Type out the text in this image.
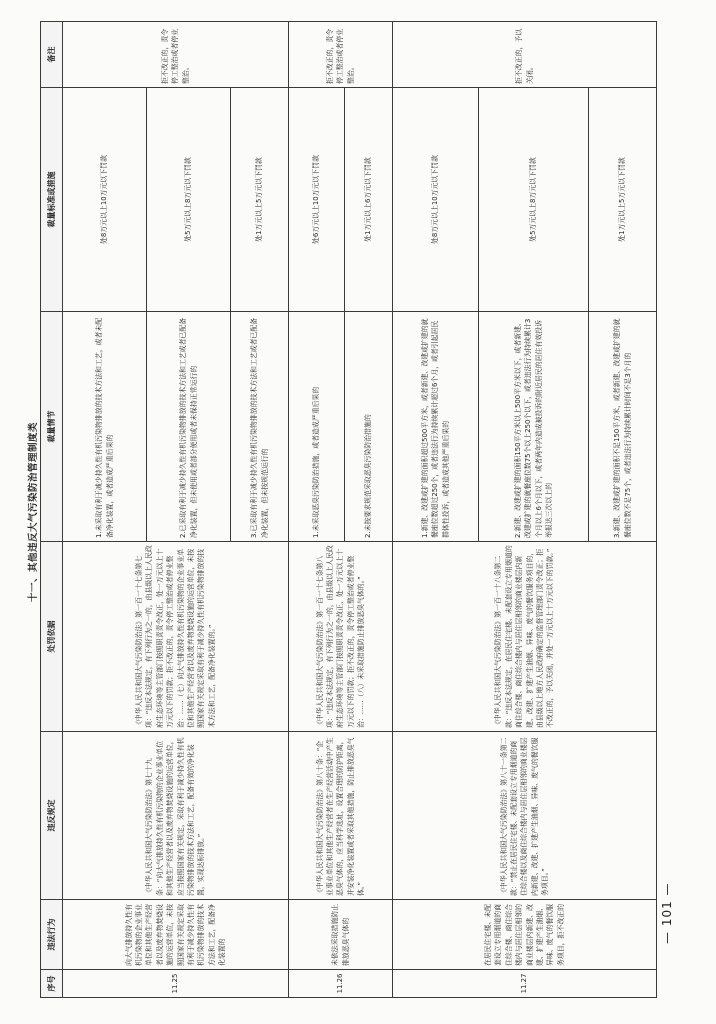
十一、其他违反大气污染防治管理制度类
序号	违法行为	违反规定	处罚依据	裁量情节	裁量标准或措施	备注
11.25	向大气排放持久性有机污染物的企业事业单位和其他生产经营者以及废弃物焚烧设施的运营单位，未按照国家有关规定采取有利于减少持久性有机污染物排放的技术方法和工艺，配备净化装置的	《中华人民共和国大气污染防治法》第七十九条：“向大气排放持久性有机污染物的企业事业单位和其他生产经营者以及废弃物焚烧设施的运营单位，应当按照国家有关规定，采取有利于减少持久性有机污染物排放的技术方法和工艺，配备有效的净化装置，实现达标排放。”	《中华人民共和国大气污染防治法》第一百一十七条第七项：“违反本法规定，有下列行为之一的，由县级以上人民政府生态环境等主管部门按照职责责令改正，处一万元以上十万元以下的罚款；拒不改正的，责令停工整治或者停业整治：……（七）向大气排放持久性有机污染物的企业事业单位和其他生产经营者以及废弃物焚烧设施的运营单位，未按照国家有关规定采取有利于减少持久性有机污染物排放的技术方法和工艺，配备净化装置的。”	1.未采取有利于减少持久性有机污染物排放的技术方法和工艺，或者未配备净化装置，或者造成严重后果的	处8万元以上10万元以下罚款	拒不改正的，责令停工整治或者停业整治。
				2.已采取有利于减少持久性有机污染物排放的技术方法和工艺或者已配备净化装置，但未使用或者部分使用或者未保持正常运行的	处5万元以上8万元以下罚款	
				3.已采取有利于减少持久性有机污染物排放的技术方法和工艺或者已配备净化装置，但未按规范运行的	处1万元以上5万元以下罚款	
11.26	未依法采取措施防止排放恶臭气体的	《中华人民共和国大气污染防治法》第八十条：“企业事业单位和其他生产经营者在生产经营活动中产生恶臭气体的，应当科学选址，设置合理的防护距离，并安装净化装置或者采取其他措施，防止排放恶臭气体。”	《中华人民共和国大气污染防治法》第一百一十七条第八项：“违反本法规定，有下列行为之一的，由县级以上人民政府生态环境等主管部门按照职责责令改正，处一万元以上十万元以下的罚款；拒不改正的，责令停工整治或者停业整治：……（八）未采取措施防止排放恶臭气体的。”	1.未采取恶臭污染防治措施，或者造成严重后果的	处6万元以上10万元以下罚款	拒不改正的，责令停工整治或者停业整治。
				2.未按要求规范采取恶臭污染防治措施的	处1万元以上6万元以下罚款	
11.27	在居民住宅楼、未配套设立专用烟道的商住综合楼、商住综合楼内与居住层相邻的商业楼层内新建、改建、扩建产生油烟、异味、废气的餐饮服务项目，拒不改正的	《中华人民共和国大气污染防治法》第八十一条第二款：“禁止在居民住宅楼、未配套设立专用烟道的商住综合楼以及商住综合楼内与居住层相邻的商业楼层内新建、改建、扩建产生油烟、异味、废气的餐饮服务项目。”	《中华人民共和国大气污染防治法》第一百一十八条第二款：“违反本法规定，在居民住宅楼、未配套设立专用烟道的商住综合楼、商住综合楼内与居住层相邻的商业楼层内新建、改建、扩建产生油烟、异味、废气的餐饮服务项目的，由县级以上地方人民政府确定的监督管理部门责令改正；拒不改正的，予以关闭，并处一万元以上十万元以下的罚款。”	1.新建、改建或扩建的面积超过500平方米，或者新建、改建或扩建的就餐座位数超过250个，或者违法行为持续累计超过6个月，或者引起居民群体性投诉，或者造成其他严重后果的	处8万元以上10万元以下罚款	拒不改正的，予以关闭。
				2.新建、改建或扩建的面积150平方米以上500平方米以下，或者新建、改建或扩建的就餐座位数75个以上250个以下，或者违法行为持续累计3个月以上6个月以下，或者两年内造成被投诉的附近居民的居住有效投诉举报达三次以上的	处5万元以上8万元以下罚款	
				3.新建、改建或扩建的面积不足150平方米，或者新建、改建或扩建的就餐座位数不足75个，或者违法行为持续累计时间不足3个月的	处1万元以上5万元以下罚款	
— 101 —
